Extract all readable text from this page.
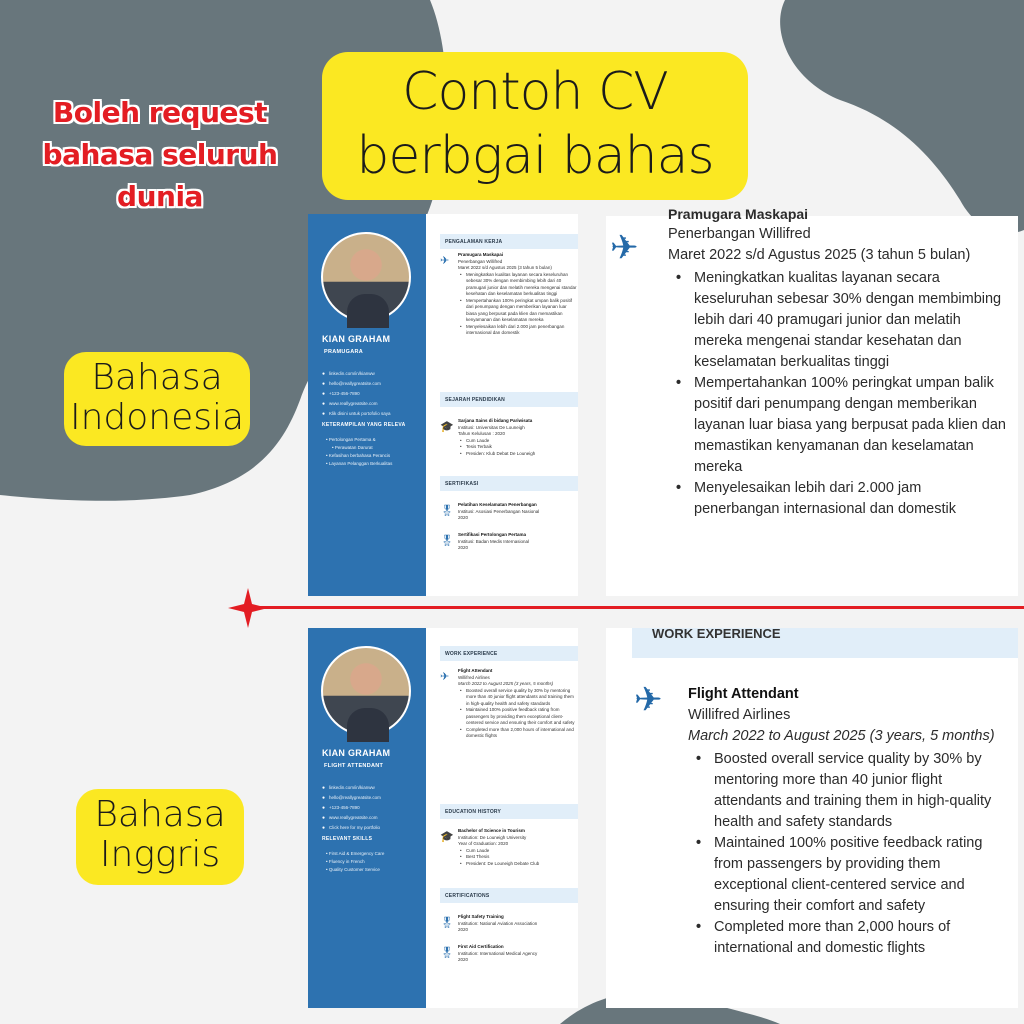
Contoh CV
berbgai bahas
Boleh request
bahasa seluruh
dunia
Bahasa
Indonesia
Bahasa
Inggris
KIAN GRAHAM
PRAMUGARA
● linkedin.com/in/kianww
● hello@reallygreatsite.com
● +123-456-7890
● www.reallygreatsite.com
● Klik disini untuk portofolio saya
KETERAMPILAN YANG RELEVA
• Pertolongan Pertama &
• Perawatan Darurat
• Kefasihan berbahasa Perancis
• Layanan Pelanggan Berkualitas
PENGALAMAN KERJA
✈
Pramugara Maskapai
Penerbangan Willifred
Maret 2022 s/d Agustus 2025 (3 tahun 5 bulan)
• Meningkatkan kualitas layanan secara keseluruhan sebesar 30% dengan membimbing lebih dari 40 pramugari junior dan melatih mereka mengenai standar kesehatan dan keselamatan berkualitas tinggi
• Mempertahankan 100% peringkat umpan balik positif dari penumpang dengan memberikan layanan luar biasa yang berpusat pada klien dan memastikan kenyamanan dan keselamatan mereka
• Menyelesaikan lebih dari 2.000 jam penerbangan internasional dan domestik
SEJARAH PENDIDIKAN
🎓
Sarjana Sains di bidang Pariwisata
Institusi: Universitas De Louneigh
Tahun Kelulusan : 2020
• Cum Laude
• Tesis Terbaik
• Presiden: Klub Debat De Louneigh
SERTIFIKASI
🎖
Pelatihan Keselamatan Penerbangan
Institusi: Asosiasi Penerbangan Nasional
2020
🎖
Sertifikasi Pertolongan Pertama
Institusi: Badan Medis Internasional
2020
KIAN GRAHAM
FLIGHT ATTENDANT
● linkedin.com/in/kianww
● hello@reallygreatsite.com
● +123-456-7890
● www.reallygreatsite.com
● Click here for my portfolio
RELEVANT SKILLS
• First Aid & Emergency Care
• Fluency in French
• Quality Customer Service
WORK EXPERIENCE
✈
Flight Attendant
Willifred Airlines
March 2022 to August 2025 (3 years, 5 months)
• Boosted overall service quality by 30% by mentoring more than 40 junior flight attendants and training them in high-quality health and safety standards
• Maintained 100% positive feedback rating from passengers by providing them exceptional client-centered service and ensuring their comfort and safety
• Completed more than 2,000 hours of international and domestic flights
EDUCATION HISTORY
🎓
Bachelor of Science in Tourism
Institution: De Louneigh University
Year of Graduation: 2020
• Cum Laude
• Best Thesis
• President: De Louneigh Debate Club
CERTIFICATIONS
🎖
Flight Safety Training
Institution: National Aviation Association
2020
🎖
First Aid Certification
Institution: International Medical Agency
2020
Pramugara Maskapai
✈ Penerbangan Willifred
Maret 2022 s/d Agustus 2025 (3 tahun 5 bulan)
• Meningkatkan kualitas layanan secara keseluruhan sebesar 30% dengan membimbing lebih dari 40 pramugari junior dan melatih mereka mengenai standar kesehatan dan keselamatan berkualitas tinggi
• Mempertahankan 100% peringkat umpan balik positif dari penumpang dengan memberikan layanan luar biasa yang berpusat pada klien dan memastikan kenyamanan dan keselamatan mereka
• Menyelesaikan lebih dari 2.000 jam penerbangan internasional dan domestik
WORK EXPERIENCE
✈ Flight Attendant
Willifred Airlines
March 2022 to August 2025 (3 years, 5 months)
• Boosted overall service quality by 30% by mentoring more than 40 junior flight attendants and training them in high-quality health and safety standards
• Maintained 100% positive feedback rating from passengers by providing them exceptional client-centered service and ensuring their comfort and safety
• Completed more than 2,000 hours of international and domestic flights
